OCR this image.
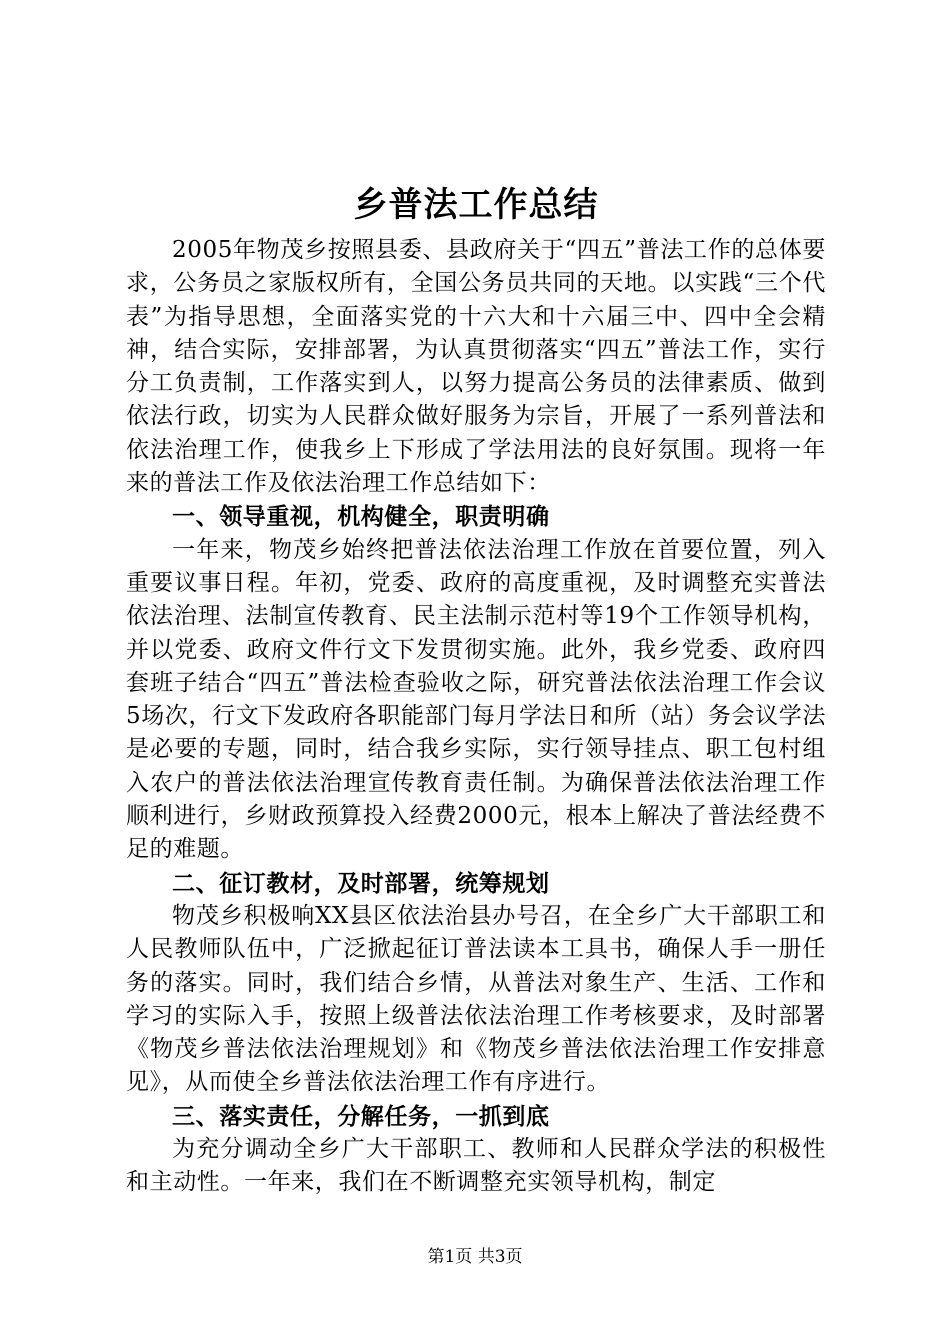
乡普法工作总结

2005年物茂乡按照县委、县政府关于“四五”普法工作的总体要求，公务员之家版权所有，全国公务员共同的天地。以实践“三个代表”为指导思想，全面落实党的十六大和十六届三中、四中全会精神，结合实际，安排部署，为认真贯彻落实“四五”普法工作，实行分工负责制，工作落实到人，以努力提高公务员的法律素质、做到依法行政，切实为人民群众做好服务为宗旨，开展了一系列普法和依法治理工作，使我乡上下形成了学法用法的良好氛围。现将一年来的普法工作及依法治理工作总结如下：

一、领导重视，机构健全，职责明确

一年来，物茂乡始终把普法依法治理工作放在首要位置，列入重要议事日程。年初，党委、政府的高度重视，及时调整充实普法依法治理、法制宣传教育、民主法制示范村等19个工作领导机构，并以党委、政府文件行文下发贯彻实施。此外，我乡党委、政府四套班子结合“四五”普法检查验收之际，研究普法依法治理工作会议5场次，行文下发政府各职能部门每月学法日和所（站）务会议学法是必要的专题，同时，结合我乡实际，实行领导挂点、职工包村组入农户的普法依法治理宣传教育责任制。为确保普法依法治理工作顺利进行，乡财政预算投入经费2000元，根本上解决了普法经费不足的难题。

二、征订教材，及时部署，统筹规划

物茂乡积极响XX县区依法治县办号召，在全乡广大干部职工和人民教师队伍中，广泛掀起征订普法读本工具书，确保人手一册任务的落实。同时，我们结合乡情，从普法对象生产、生活、工作和学习的实际入手，按照上级普法依法治理工作考核要求，及时部署《物茂乡普法依法治理规划》和《物茂乡普法依法治理工作安排意见》，从而使全乡普法依法治理工作有序进行。

三、落实责任，分解任务，一抓到底

为充分调动全乡广大干部职工、教师和人民群众学法的积极性和主动性。一年来，我们在不断调整充实领导机构，制定

第1页 共3页
